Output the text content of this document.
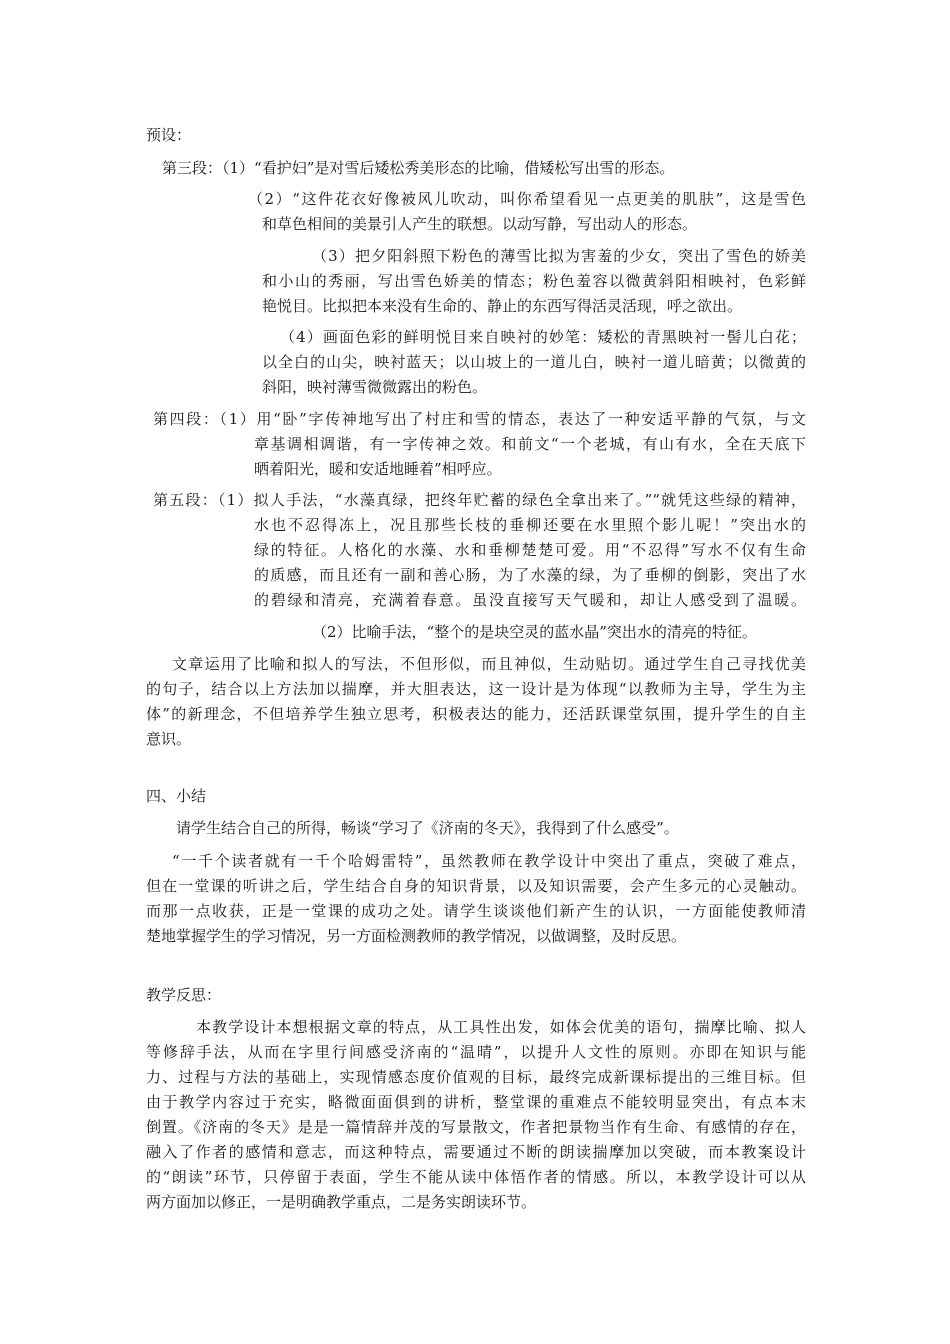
预设：
第三段：（1）“看护妇”是对雪后矮松秀美形态的比喻，借矮松写出雪的形态。
（2）“这件花衣好像被风儿吹动，叫你希望看见一点更美的肌肤”，这是雪色
和草色相间的美景引人产生的联想。以动写静，写出动人的形态。
（3）把夕阳斜照下粉色的薄雪比拟为害羞的少女，突出了雪色的娇美
和小山的秀丽，写出雪色娇美的情态；粉色羞容以微黄斜阳相映衬，色彩鲜
艳悦目。比拟把本来没有生命的、静止的东西写得活灵活现，呼之欲出。
（4）画面色彩的鲜明悦目来自映衬的妙笔：矮松的青黑映衬一髻儿白花；
以全白的山尖，映衬蓝天；以山坡上的一道儿白，映衬一道儿暗黄；以微黄的
斜阳，映衬薄雪微微露出的粉色。
第四段：（1）用“卧”字传神地写出了村庄和雪的情态，表达了一种安适平静的气氛，与文
章基调相调谐，有一字传神之效。和前文“一个老城，有山有水，全在天底下
晒着阳光，暖和安适地睡着”相呼应。
第五段：（1）拟人手法，“水藻真绿，把终年贮蓄的绿色全拿出来了。”“就凭这些绿的精神，
水也不忍得冻上，况且那些长枝的垂柳还要在水里照个影儿呢！”突出水的
绿的特征。人格化的水藻、水和垂柳楚楚可爱。用“不忍得”写水不仅有生命
的质感，而且还有一副和善心肠，为了水藻的绿，为了垂柳的倒影，突出了水
的碧绿和清亮，充满着春意。虽没直接写天气暖和，却让人感受到了温暖。
（2）比喻手法，“整个的是块空灵的蓝水晶”突出水的清亮的特征。
文章运用了比喻和拟人的写法，不但形似，而且神似，生动贴切。通过学生自己寻找优美
的句子，结合以上方法加以揣摩，并大胆表达，这一设计是为体现“以教师为主导，学生为主
体”的新理念，不但培养学生独立思考，积极表达的能力，还活跃课堂氛围，提升学生的自主
意识。
四、小结
请学生结合自己的所得，畅谈“学习了《济南的冬天》，我得到了什么感受”。
“一千个读者就有一千个哈姆雷特”，虽然教师在教学设计中突出了重点，突破了难点，
但在一堂课的听讲之后，学生结合自身的知识背景，以及知识需要，会产生多元的心灵触动。
而那一点收获，正是一堂课的成功之处。请学生谈谈他们新产生的认识，一方面能使教师清
楚地掌握学生的学习情况，另一方面检测教师的教学情况，以做调整，及时反思。
教学反思：
本教学设计本想根据文章的特点，从工具性出发，如体会优美的语句，揣摩比喻、拟人
等修辞手法，从而在字里行间感受济南的“温晴”，以提升人文性的原则。亦即在知识与能
力、过程与方法的基础上，实现情感态度价值观的目标，最终完成新课标提出的三维目标。但
由于教学内容过于充实，略微面面俱到的讲析，整堂课的重难点不能较明显突出，有点本末
倒置。《济南的冬天》是是一篇情辞并茂的写景散文，作者把景物当作有生命、有感情的存在，
融入了作者的感情和意志，而这种特点，需要通过不断的朗读揣摩加以突破，而本教案设计
的“朗读”环节，只停留于表面，学生不能从读中体悟作者的情感。所以，本教学设计可以从
两方面加以修正，一是明确教学重点，二是务实朗读环节。
